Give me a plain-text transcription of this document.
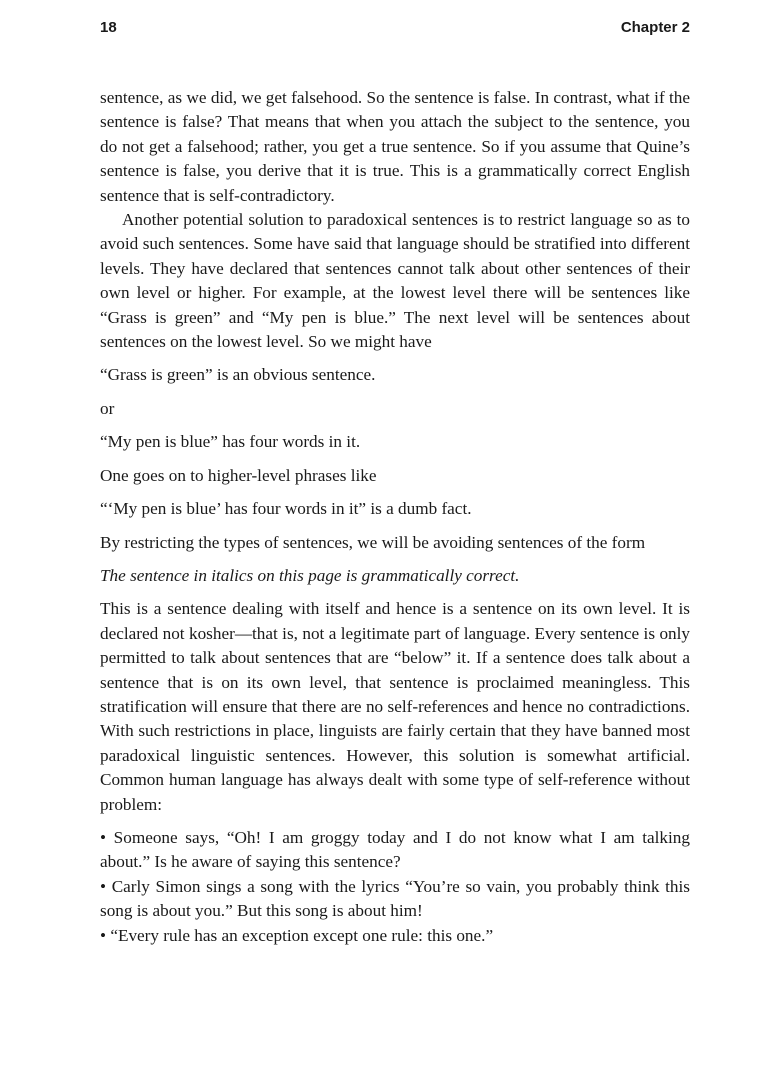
18	Chapter 2

sentence, as we did, we get falsehood. So the sentence is false. In contrast, what if the sentence is false? That means that when you attach the subject to the sentence, you do not get a falsehood; rather, you get a true sentence. So if you assume that Quine’s sentence is false, you derive that it is true. This is a grammatically correct English sentence that is self-contradictory.

Another potential solution to paradoxical sentences is to restrict language so as to avoid such sentences. Some have said that language should be stratified into different levels. They have declared that sentences cannot talk about other sentences of their own level or higher. For example, at the lowest level there will be sentences like “Grass is green” and “My pen is blue.” The next level will be sentences about sentences on the lowest level. So we might have

“Grass is green” is an obvious sentence.

or

“My pen is blue” has four words in it.

One goes on to higher-level phrases like

“‘My pen is blue’ has four words in it” is a dumb fact.

By restricting the types of sentences, we will be avoiding sentences of the form

The sentence in italics on this page is grammatically correct.

This is a sentence dealing with itself and hence is a sentence on its own level. It is declared not kosher—that is, not a legitimate part of language. Every sentence is only permitted to talk about sentences that are “below” it. If a sentence does talk about a sentence that is on its own level, that sentence is proclaimed meaningless. This stratification will ensure that there are no self-references and hence no contradictions. With such restrictions in place, linguists are fairly certain that they have banned most paradoxical linguistic sentences. However, this solution is somewhat artificial. Common human language has always dealt with some type of self-reference without problem:

• Someone says, “Oh! I am groggy today and I do not know what I am talking about.” Is he aware of saying this sentence?
• Carly Simon sings a song with the lyrics “You’re so vain, you probably think this song is about you.” But this song is about him!
• “Every rule has an exception except one rule: this one.”
